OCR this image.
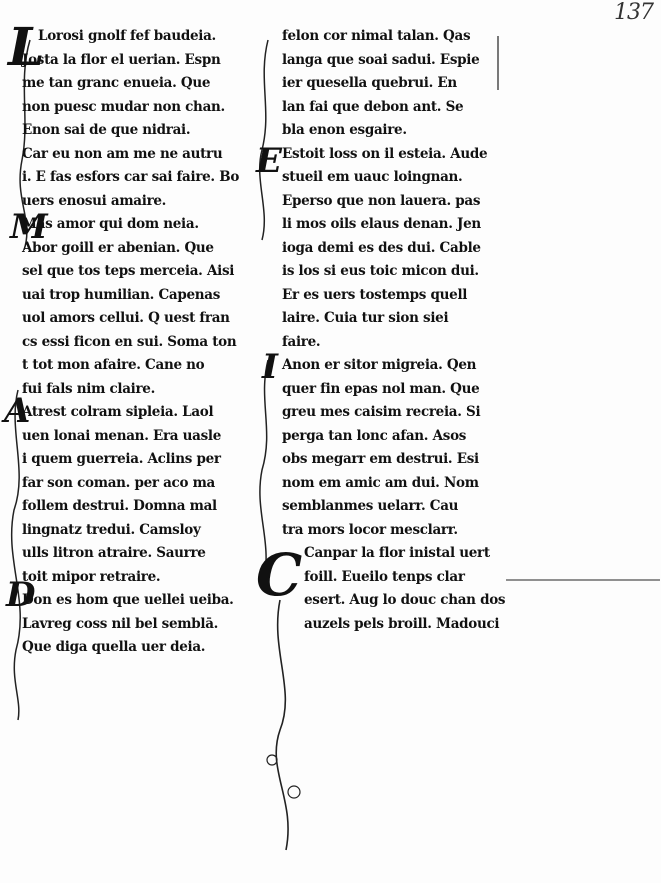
137
L
M
A
D
E
I
C
Lorosi gnolf fef baudeia.
Josta la flor el uerian. Espn
me tan granc enueia. Que
non puesc mudar non chan.
Enon sai de que nidrai.
Car eu non am me ne autru
i. E fas esfors car sai faire. Bo
uers enosui amaire.
Mas amor qui dom neia.
Abor goill er abenian. Que
sel que tos teps merceia. Aisi
uai trop humilian. Capenas
uol amors cellui. Q uest fran
cs essi ficon en sui. Soma ton
t tot mon afaire. Cane no
fui fals nim claire.
Atrest colram sipleia. Laol
uen lonai menan. Era uasle
i quem guerreia. Aclins per
far son coman. per aco ma
follem destrui. Domna mal
lingnatz tredui. Camsloy
ulls litron atraire. Saurre
toit mipor retraire.
Don es hom que uellei ueiba.
Lavreg coss nil bel semblā.
Que diga quella uer deia.
felon cor nimal talan. Qas
langa que soai sadui. Espie
ier quesella quebrui. En
lan fai que debon ant. Se
bla enon esgaire.
Estoit loss on il esteia. Aude
stueil em uauc loingnan.
Eperso que non lauera. pas
li mos oils elaus denan. Jen
ioga demi es des dui. Cable
is los si eus toic micon dui.
Er es uers tostemps quell
laire. Cuia tur sion siei
faire.
Anon er sitor migreia. Qen
quer fin epas nol man. Que
greu mes caisim recreia. Si
perga tan lonc afan. Asos
obs megarr em destrui. Esi
nom em amic am dui. Nom
semblanmes uelarr. Cau
tra mors locor mesclarr.
Canpar la flor inistal uert
foill. Eueilo tenps clar
esert. Aug lo douc chan dos
auzels pels broill. Madouci
